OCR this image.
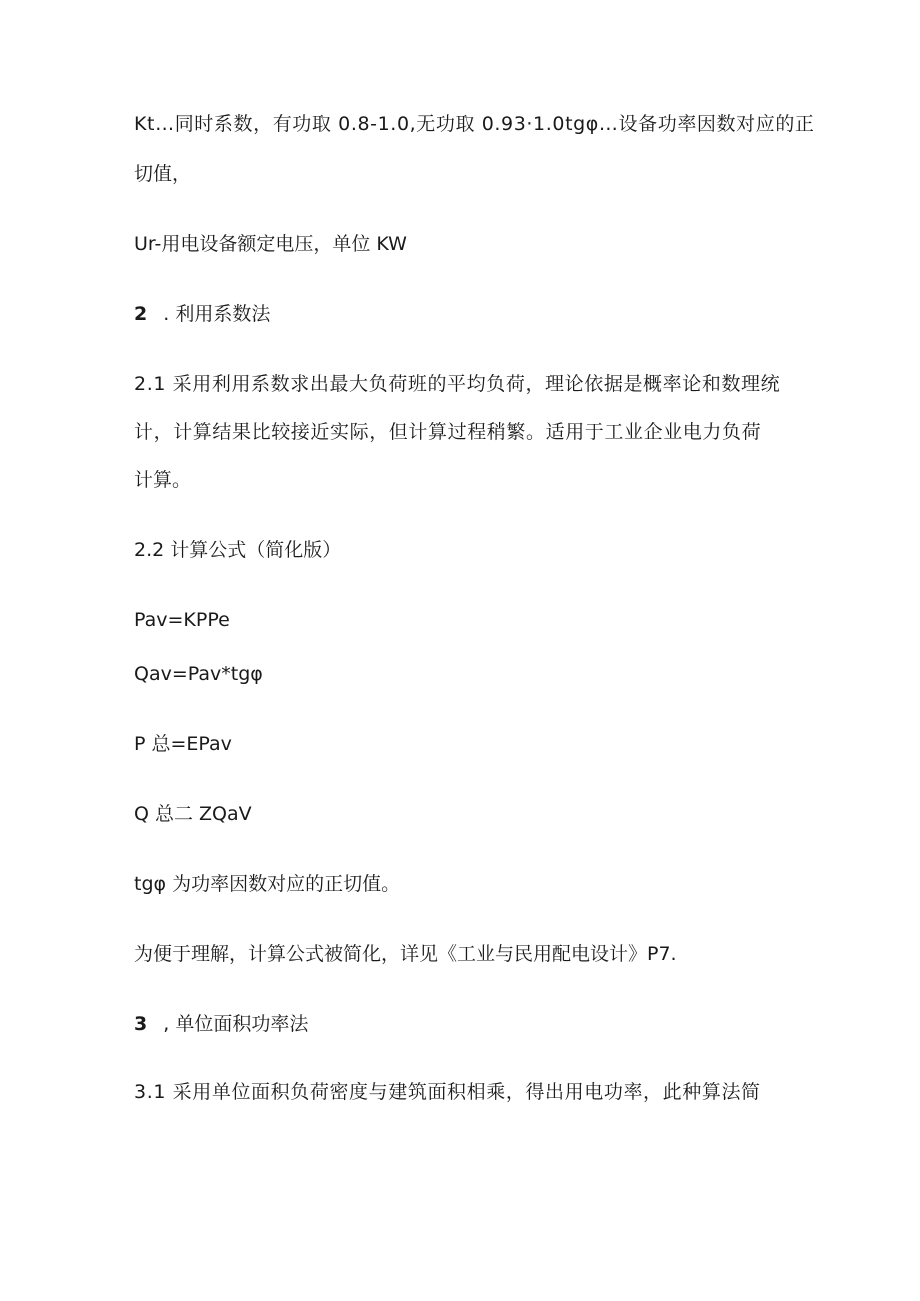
Kt…同时系数，有功取 0.8-1.0,无功取 0.93·1.0tgφ…设备功率因数对应的正
切值，
Ur-用电设备额定电压，单位 KW
2 . 利用系数法
2.1 采用利用系数求出最大负荷班的平均负荷，理论依据是概率论和数理统
计，计算结果比较接近实际，但计算过程稍繁。适用于工业企业电力负荷
计算。
2.2 计算公式（简化版）
Pav=KPPe
Qav=Pav*tgφ
P 总=EPav
Q 总二 ZQaV
tgφ 为功率因数对应的正切值。
为便于理解，计算公式被简化，详见《工业与民用配电设计》P7.
3 , 单位面积功率法
3.1 采用单位面积负荷密度与建筑面积相乘，得出用电功率，此种算法简
